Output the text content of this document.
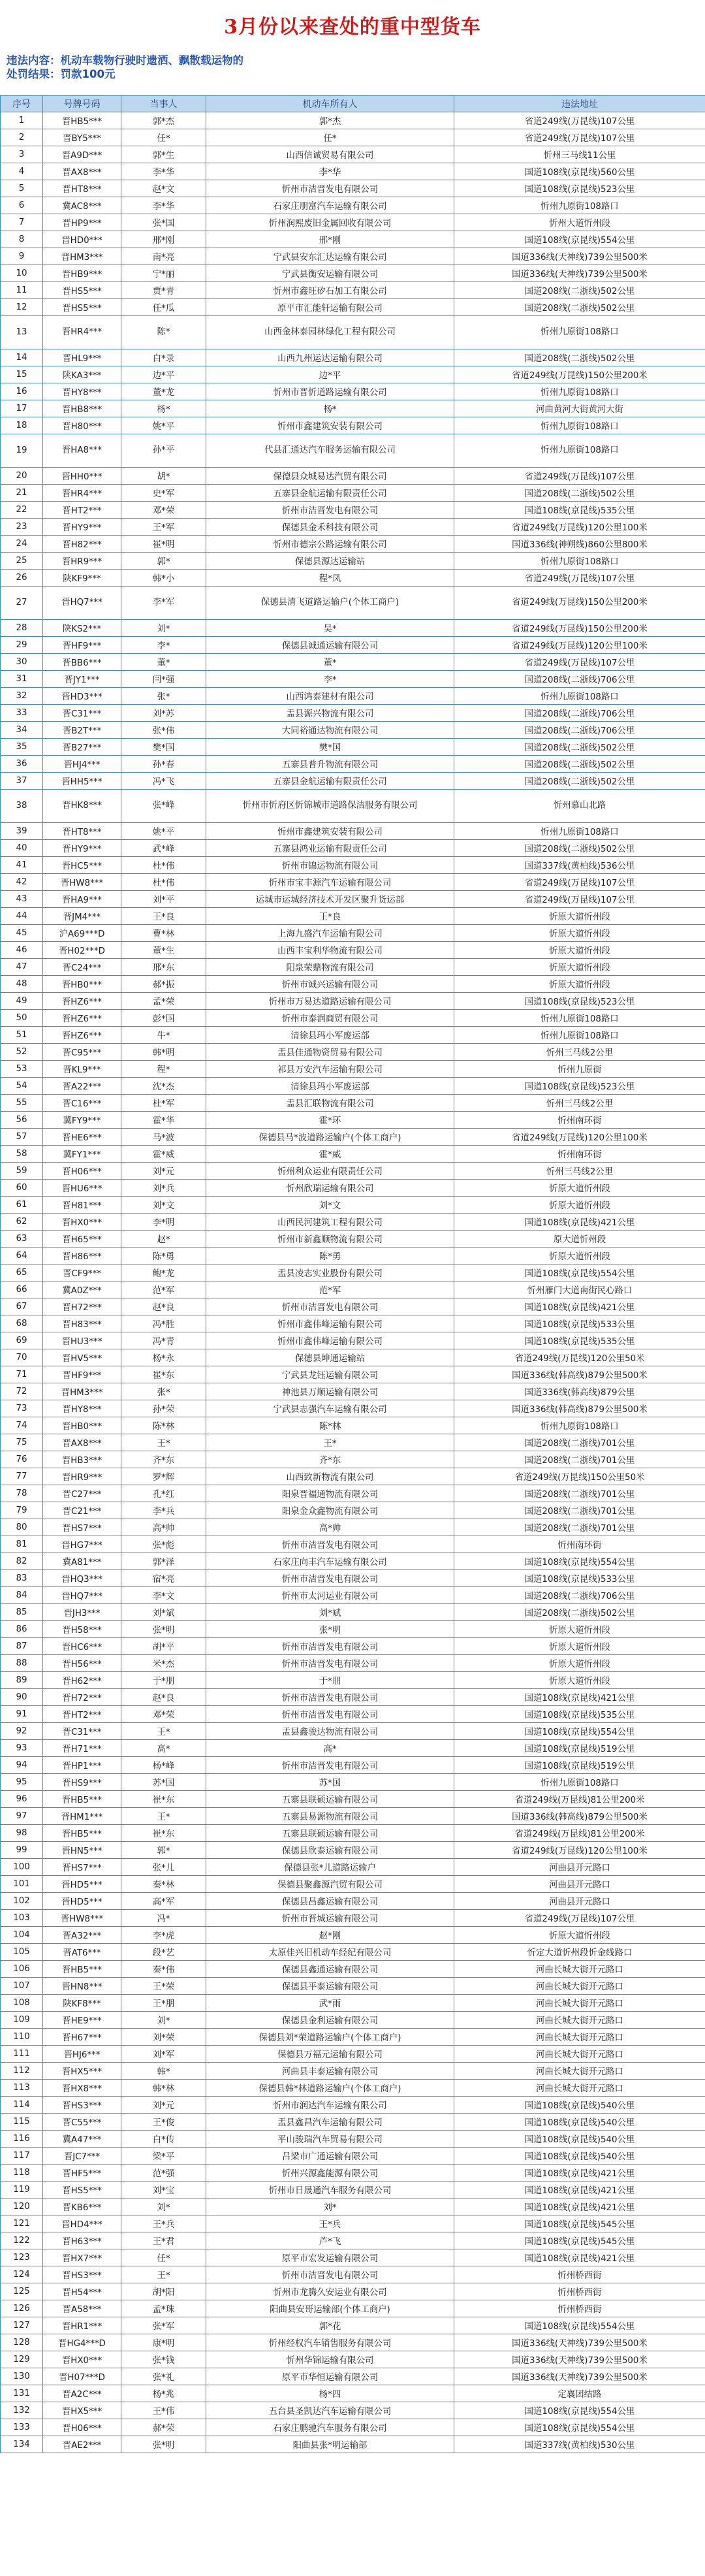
3月份以来查处的重中型货车
违法内容：机动车载物行驶时遗洒、飘散载运物的
处罚结果：罚款100元
序号	号牌号码	当事人	机动车所有人	违法地址
1	晋HB5***	郭*杰	郭*杰	省道249线(万昆线)107公里
2	晋BY5***	任*	任*	省道249线(万昆线)107公里
3	晋A9D***	郭*生	山西信诚贸易有限公司	忻州三马线11公里
4	晋AX8***	李*华	李*华	国道108线(京昆线)560公里
5	晋HT8***	赵*文	忻州市洁晋发电有限公司	国道108线(京昆线)523公里
6	冀AC8***	李*华	石家庄朋富汽车运输有限公司	忻州九原街108路口
7	晋HP9***	张*国	忻州润熙废旧金属回收有限公司	忻州大道忻州段
8	晋HD0***	邢*刚	邢*刚	国道108线(京昆线)554公里
9	晋HM3***	南*亮	宁武县安东汇达运输有限公司	国道336线(天神线)739公里500米
10	晋HB9***	宁*丽	宁武县衡安运输有限公司	国道336线(天神线)739公里500米
11	晋HS5***	贾*青	忻州市鑫旺矽石加工有限公司	国道208线(二浙线)502公里
12	晋HS5***	任*瓜	原平市汇能轩运输有限公司	国道208线(二浙线)502公里
13	晋HR4***	陈*	山西金林泰园林绿化工程有限公司	忻州九原街108路口
14	晋HL9***	白*录	山西九州运达运输有限公司	国道208线(二浙线)502公里
15	陕KA3***	边*平	边*平	省道249线(万昆线)150公里200米
16	晋HY8***	董*龙	忻州市晋忻道路运输有限公司	忻州九原街108路口
17	晋HB8***	杨*	杨*	河曲黄河大街黄河大街
18	晋H80***	姚*平	忻州市鑫建筑安装有限公司	忻州九原街108路口
19	晋HA8***	孙*平	代县汇通达汽车服务运输有限公司	忻州九原街108路口
20	晋HH0***	胡*	保德县众城易达汽贸有限公司	省道249线(万昆线)107公里
21	晋HR4***	史*军	五寨县金航运输有限责任公司	国道208线(二浙线)502公里
22	晋HT2***	邓*荣	忻州市洁晋发电有限公司	国道108线(京昆线)535公里
23	晋HY9***	王*军	保德县金禾科技有限公司	省道249线(万昆线)120公里100米
24	晋H82***	崔*明	忻州市德宗公路运输有限公司	国道336线(神朔线)860公里800米
25	晋HR9***	郭*	保德县源达运输站	忻州九原街108路口
26	陕KF9***	韩*小	程*凤	省道249线(万昆线)107公里
27	晋HQ7***	李*军	保德县清飞道路运输户(个体工商户)	省道249线(万昆线)150公里200米
28	陕KS2***	刘*	吴*	省道249线(万昆线)150公里200米
29	晋HF9***	李*	保德县诚通运输有限公司	省道249线(万昆线)120公里100米
30	晋BB6***	董*	董*	省道249线(万昆线)107公里
31	晋JY1***	闫*强	李*	国道208线(二浙线)706公里
32	晋HD3***	张*	山西鸿泰建材有限公司	忻州九原街108路口
33	晋C31***	刘*苏	盂县源兴物流有限公司	国道208线(二浙线)706公里
34	晋B2T***	张*伟	大同裕通达物流有限公司	国道208线(二浙线)706公里
35	晋B27***	樊*国	樊*国	国道208线(二浙线)502公里
36	晋HJ4***	孙*春	五寨县普升物流有限公司	国道208线(二浙线)502公里
37	晋HH5***	冯*飞	五寨县金航运输有限责任公司	国道208线(二浙线)502公里
38	晋HK8***	张*峰	忻州市忻府区忻锦城市道路保洁服务有限公司	忻州慕山北路
39	晋HT8***	姚*平	忻州市鑫建筑安装有限公司	忻州九原街108路口
40	晋HY9***	武*峰	五寨县鸿业运输有限责任公司	国道208线(二浙线)502公里
41	晋HC5***	杜*伟	忻州市锦运物流有限公司	国道337线(黄柏线)536公里
42	晋HW8***	杜*伟	忻州市宝丰源汽车运输有限公司	省道249线(万昆线)107公里
43	晋HA9***	刘*平	运城市运城经济技术开发区聚升货运部	省道249线(万昆线)107公里
44	晋JM4***	王*良	王*良	忻原大道忻州段
45	沪A69***D	曹*林	上海九盛汽车运输有限公司	忻原大道忻州段
46	晋H02***D	董*生	山西丰宝利华物流有限公司	忻原大道忻州段
47	晋C24***	邢*东	阳泉荣鼎物流有限公司	忻原大道忻州段
48	晋HB0***	郝*振	忻州市诚兴运输有限公司	忻原大道忻州段
49	晋HZ6***	孟*荣	忻州市万易达道路运输有限公司	国道108线(京昆线)523公里
50	晋HZ6***	彭*国	忻州市泰润商贸有限公司	忻州九原街108路口
51	晋HZ6***	牛*	清徐县玛小军废运部	忻州九原街108路口
52	晋C95***	韩*明	盂县佳通物资贸易有限公司	忻州三马线2公里
53	晋KL9***	程*	祁县万安汽车运输有限公司	忻州九原街
54	晋A22***	沈*杰	清徐县玛小军废运部	国道108线(京昆线)523公里
55	晋C16***	杜*军	盂县汇联物流有限公司	忻州三马线2公里
56	冀FY9***	霍*华	霍*环	忻州南环街
57	晋HE6***	马*波	保德县马*波道路运输户(个体工商户)	省道249线(万昆线)120公里100米
58	冀FY1***	霍*威	霍*威	忻州南环街
59	晋H06***	刘*元	忻州利众运业有限责任公司	忻州三马线2公里
60	晋HU6***	刘*兵	忻州欣瑞运输有限公司	忻原大道忻州段
61	晋H81***	刘*文	刘*文	忻原大道忻州段
62	晋HX0***	李*明	山西民河建筑工程有限公司	国道108线(京昆线)421公里
63	晋H65***	赵*	忻州市新鑫顺物流有限公司	原大道忻州段
64	晋H86***	陈*勇	陈*勇	忻原大道忻州段
65	晋CF9***	鲍*龙	盂县凌志实业股份有限公司	国道108线(京昆线)554公里
66	冀A0Z***	范*军	范*军	忻州雁门大道南街民心路口
67	晋H72***	赵*良	忻州市洁晋发电有限公司	国道108线(京昆线)421公里
68	晋H83***	冯*胜	忻州市鑫伟峰运输有限公司	国道108线(京昆线)533公里
69	晋HU3***	冯*青	忻州市鑫伟峰运输有限公司	国道108线(京昆线)535公里
70	晋HV5***	杨*永	保德县坤通运输站	省道249线(万昆线)120公里50米
71	晋HF9***	崔*东	宁武县龙钰运输有限公司	国道336线(韩高线)879公里500米
72	晋HM3***	张*	神池县万顺运输有限公司	国道336线(韩高线)879公里
73	晋HY8***	孙*荣	宁武县志强汽车运输有限公司	国道336线(韩高线)879公里500米
74	晋HB0***	陈*林	陈*林	忻州九原街108路口
75	晋AX8***	王*	王*	国道208线(二浙线)701公里
76	晋HB3***	齐*东	齐*东	国道208线(二浙线)701公里
77	晋HR9***	罗*辉	山西致新物流有限公司	省道249线(万昆线)150公里50米
78	晋C27***	孔*红	阳泉晋福通物流有限公司	国道208线(二浙线)701公里
79	晋C21***	李*兵	阳泉金众鑫物流有限公司	国道208线(二浙线)701公里
80	晋HS7***	高*帅	高*帅	国道208线(二浙线)701公里
81	晋HG7***	张*彪	忻州市洁晋发电有限公司	忻州南环街
82	冀A81***	郭*泽	石家庄向丰汽车运输有限公司	国道108线(京昆线)554公里
83	晋HQ3***	宿*亮	忻州市洁晋发电有限公司	国道108线(京昆线)533公里
84	晋HQ7***	李*文	忻州市太河运业有限公司	国道208线(二浙线)706公里
85	晋JH3***	刘*斌	刘*斌	国道208线(二浙线)502公里
86	晋H58***	张*明	张*明	忻原大道忻州段
87	晋HC6***	胡*平	忻州市洁晋发电有限公司	忻原大道忻州段
88	晋H56***	米*杰	忻州市洁晋发电有限公司	忻原大道忻州段
89	晋H62***	于*朋	于*朋	忻原大道忻州段
90	晋H72***	赵*良	忻州市洁晋发电有限公司	国道108线(京昆线)421公里
91	晋HT2***	邓*荣	忻州市洁晋发电有限公司	国道108线(京昆线)535公里
92	晋C31***	王*	盂县鑫骏达物流有限公司	国道108线(京昆线)554公里
93	晋H71***	高*	高*	国道108线(京昆线)519公里
94	晋HP1***	杨*峰	忻州市洁晋发电有限公司	国道108线(京昆线)519公里
95	晋HS9***	苏*国	苏*国	忻州九原街108路口
96	晋HB5***	崔*东	五寨县联硕运输有限公司	省道249线(万昆线)81公里200米
97	晋HM1***	王*	五寨县易源物流有限公司	国道336线(韩高线)879公里500米
98	晋HB5***	崔*东	五寨县联硕运输有限公司	省道249线(万昆线)81公里200米
99	晋HN5***	郭*	保德县欣泰运输有限公司	省道249线(万昆线)120公里100米
100	晋HS7***	张*儿	保德县张*儿道路运输户	河曲县开元路口
101	晋HD5***	秦*林	保德县聚鑫源汽贸有限公司	河曲县开元路口
102	晋HD5***	高*军	保德县昌鑫运输有限公司	河曲县开元路口
103	晋HW8***	冯*	忻州市晋城运输有限公司	省道249线(万昆线)107公里
104	晋A32***	李*虎	赵*刚	忻原大道忻州段
105	晋AT6***	段*艺	太原佳兴旧机动车经纪有限公司	忻定大道忻州段忻金线路口
106	晋HB5***	秦*伟	保德县鑫通运输有限公司	河曲长城大街开元路口
107	晋HN8***	王*荣	保德县平泰运输有限公司	河曲长城大街开元路口
108	陕KF8***	王*朋	武*雨	河曲长城大街开元路口
109	晋HE9***	刘*	保德县金利运输有限公司	河曲长城大街开元路口
110	晋H67***	刘*荣	保德县刘*荣道路运输户(个体工商户)	河曲长城大街开元路口
111	晋HJ6***	刘*军	保德县万福元运输有限公司	河曲长城大街开元路口
112	晋HX5***	韩*	河曲县丰泰运输有限公司	河曲长城大街开元路口
113	晋HX8***	韩*林	保德县韩*林道路运输户(个体工商户)	河曲长城大街开元路口
114	晋HS3***	刘*元	忻州市润达汽车运输有限公司	国道108线(京昆线)540公里
115	晋C55***	王*俊	盂县鑫昌汽车运输有限公司	国道108线(京昆线)540公里
116	冀A47***	白*传	平山骏瑞汽车贸易有限公司	国道108线(京昆线)540公里
117	晋JC7***	梁*平	吕梁市广通运输有限公司	国道108线(京昆线)540公里
118	晋HF5***	范*强	忻州兴源鑫能源有限公司	国道108线(京昆线)421公里
119	晋HS5***	刘*宝	忻州市日晟通汽车服务有限公司	国道108线(京昆线)421公里
120	晋KB6***	刘*	刘*	国道108线(京昆线)421公里
121	晋HD4***	王*兵	王*兵	国道108线(京昆线)545公里
122	晋H63***	王*君	芦*飞	国道108线(京昆线)545公里
123	晋HX7***	任*	原平市宏发运输有限公司	国道108线(京昆线)421公里
124	晋HS3***	王*	忻州市洁晋发电有限公司	忻州桥西街
125	晋H54***	胡*阳	忻州市龙腾久安运业有限公司	忻州桥西街
126	晋A58***	孟*珠	阳曲县安哥运输部(个体工商户)	忻州桥西街
127	晋HR1***	张*军	郭*花	国道108线(京昆线)554公里
128	晋HG4***D	康*明	忻州经权汽车销售服务有限公司	国道336线(天神线)739公里500米
129	晋HX0***	张*钱	忻州华锦运输有限公司	国道336线(天神线)739公里500米
130	晋H07***D	张*礼	原平市华恒运输有限公司	国道336线(天神线)739公里500米
131	晋A2C***	杨*兆	杨*四	定襄团结路
132	晋HX5***	王*伟	五台县圣凯达汽车运输有限公司	国道108线(京昆线)554公里
133	晋H06***	郝*荣	石家庄鹏驰汽车服务有限公司	国道108线(京昆线)554公里
134	晋AE2***	张*明	阳曲县张*明运输部	国道337线(黄柏线)530公里
